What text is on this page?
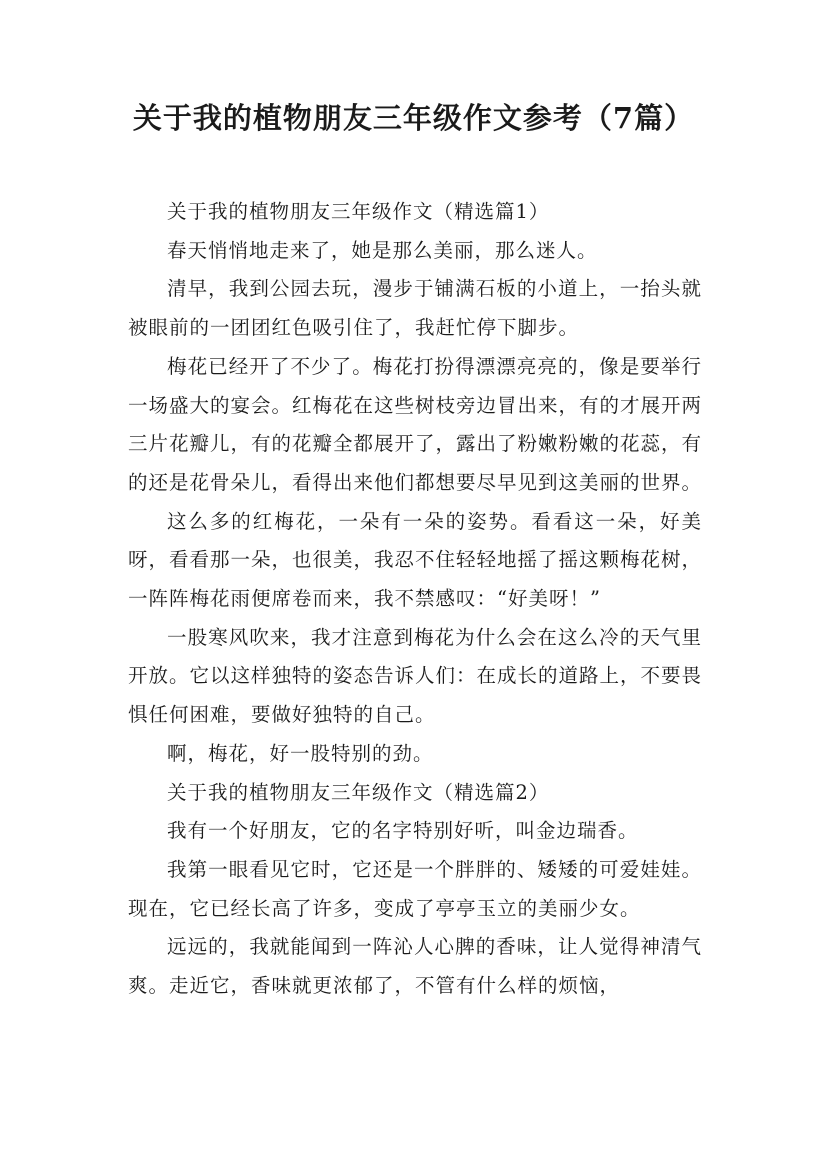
关于我的植物朋友三年级作文参考（7篇）

关于我的植物朋友三年级作文（精选篇1）

春天悄悄地走来了，她是那么美丽，那么迷人。

清早，我到公园去玩，漫步于铺满石板的小道上，一抬头就被眼前的一团团红色吸引住了，我赶忙停下脚步。

梅花已经开了不少了。梅花打扮得漂漂亮亮的，像是要举行一场盛大的宴会。红梅花在这些树枝旁边冒出来，有的才展开两三片花瓣儿，有的花瓣全都展开了，露出了粉嫩粉嫩的花蕊，有的还是花骨朵儿，看得出来他们都想要尽早见到这美丽的世界。

这么多的红梅花，一朵有一朵的姿势。看看这一朵，好美呀，看看那一朵，也很美，我忍不住轻轻地摇了摇这颗梅花树，一阵阵梅花雨便席卷而来，我不禁感叹：“好美呀！”

一股寒风吹来，我才注意到梅花为什么会在这么冷的天气里开放。它以这样独特的姿态告诉人们：在成长的道路上，不要畏惧任何困难，要做好独特的自己。

啊，梅花，好一股特别的劲。

关于我的植物朋友三年级作文（精选篇2）

我有一个好朋友，它的名字特别好听，叫金边瑞香。

我第一眼看见它时，它还是一个胖胖的、矮矮的可爱娃娃。现在，它已经长高了许多，变成了亭亭玉立的美丽少女。

远远的，我就能闻到一阵沁人心脾的香味，让人觉得神清气爽。走近它，香味就更浓郁了，不管有什么样的烦恼，
